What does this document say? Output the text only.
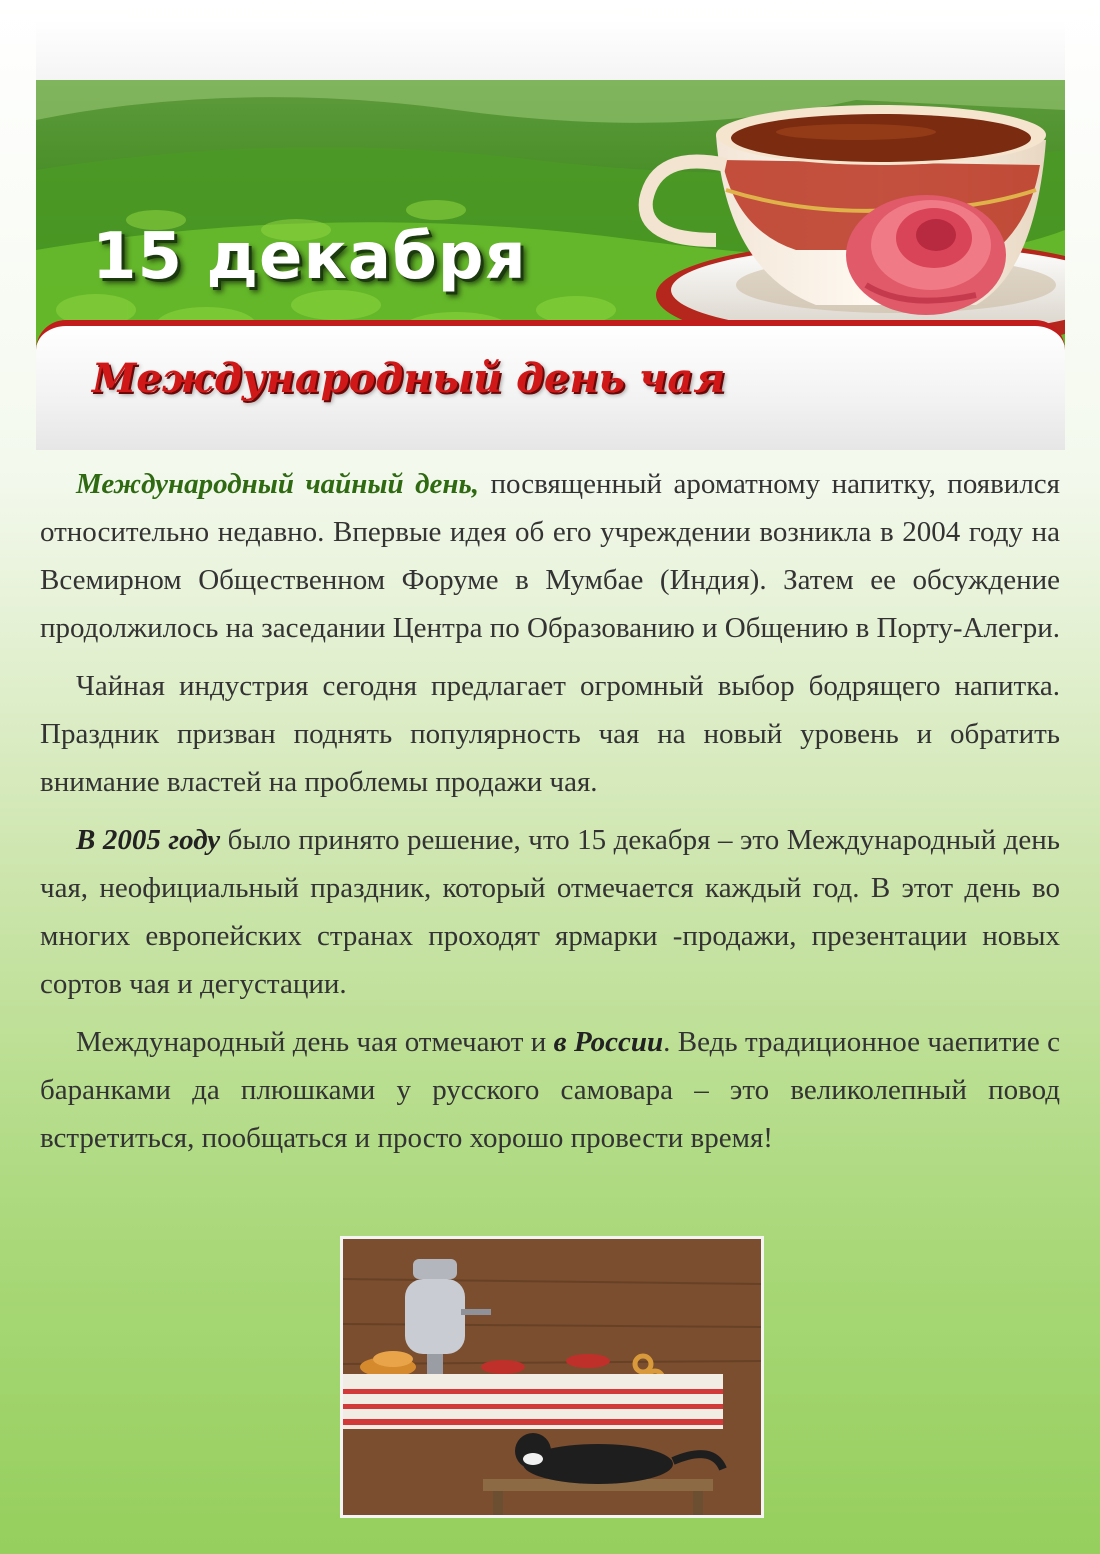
15 декабря
Международный день чая

Международный чайный день, посвященный ароматному напитку, появился относительно недавно. Впервые идея об его учреждении возникла в 2004 году на Всемирном Общественном Форуме в Мумбае (Индия). Затем ее обсуждение продолжилось на заседании Центра по Образованию и Общению в Порту-Алегри.

Чайная индустрия сегодня предлагает огромный выбор бодрящего напитка. Праздник призван поднять популярность чая на новый уровень и обратить внимание властей на проблемы продажи чая.

В 2005 году было принято решение, что 15 декабря – это Международный день чая, неофициальный праздник, который отмечается каждый год. В этот день во многих европейских странах проходят ярмарки -продажи, презентации новых сортов чая и дегустации.

Международный день чая отмечают и в России. Ведь традиционное чаепитие с баранками да плюшками у русского самовара – это великолепный повод встретиться, пообщаться и просто хорошо провести время!
